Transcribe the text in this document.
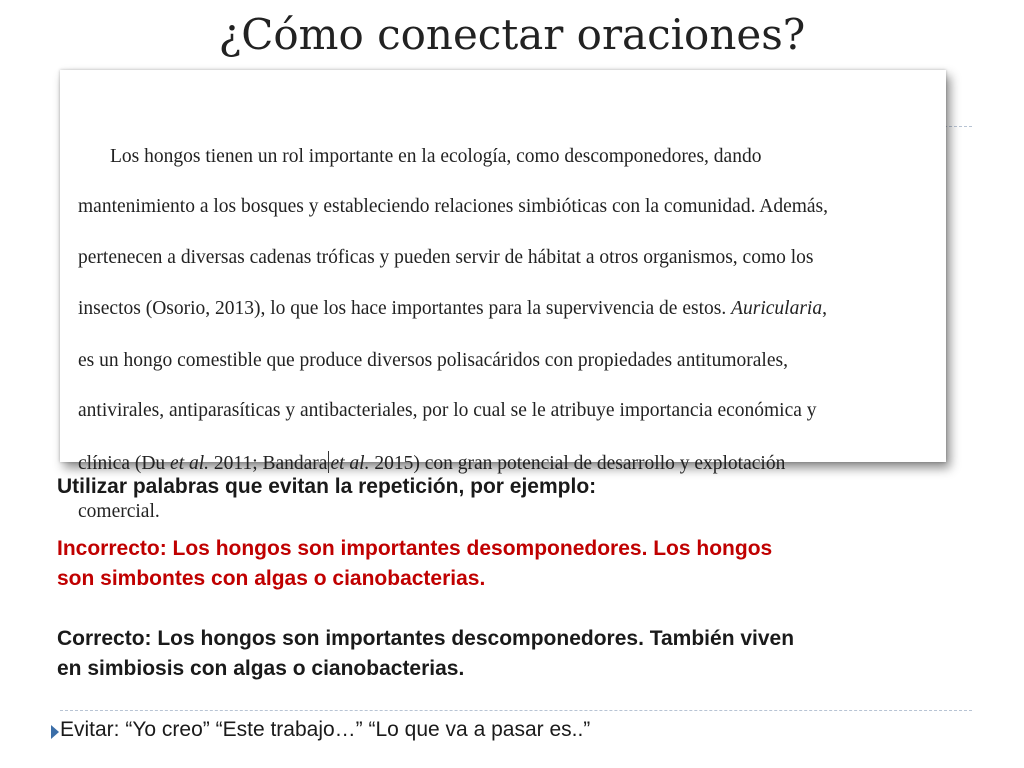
¿Cómo conectar oraciones?

Los hongos tienen un rol importante en la ecología, como descomponedores, dando

mantenimiento a los bosques y estableciendo relaciones simbióticas con la comunidad. Además,

pertenecen a diversas cadenas tróficas y pueden servir de hábitat a otros organismos, como los

insectos (Osorio, 2013), lo que los hace importantes para la supervivencia de estos. Auricularia,

es un hongo comestible que produce diversos polisacáridos con propiedades antitumorales,

antivirales, antiparasíticas y antibacteriales, por lo cual se le atribuye importancia económica y

clínica (Du et al. 2011; Bandara et al. 2015) con gran potencial de desarrollo y explotación

comercial.

Utilizar palabras que evitan la repetición, por ejemplo:

Incorrecto: Los hongos son importantes desomponedores. Los hongos

son simbontes con algas o cianobacterias.

Correcto: Los hongos son importantes descomponedores. También viven

en simbiosis con algas o cianobacterias.

Evitar: “Yo creo” “Este trabajo…” “Lo que va a pasar es..”
